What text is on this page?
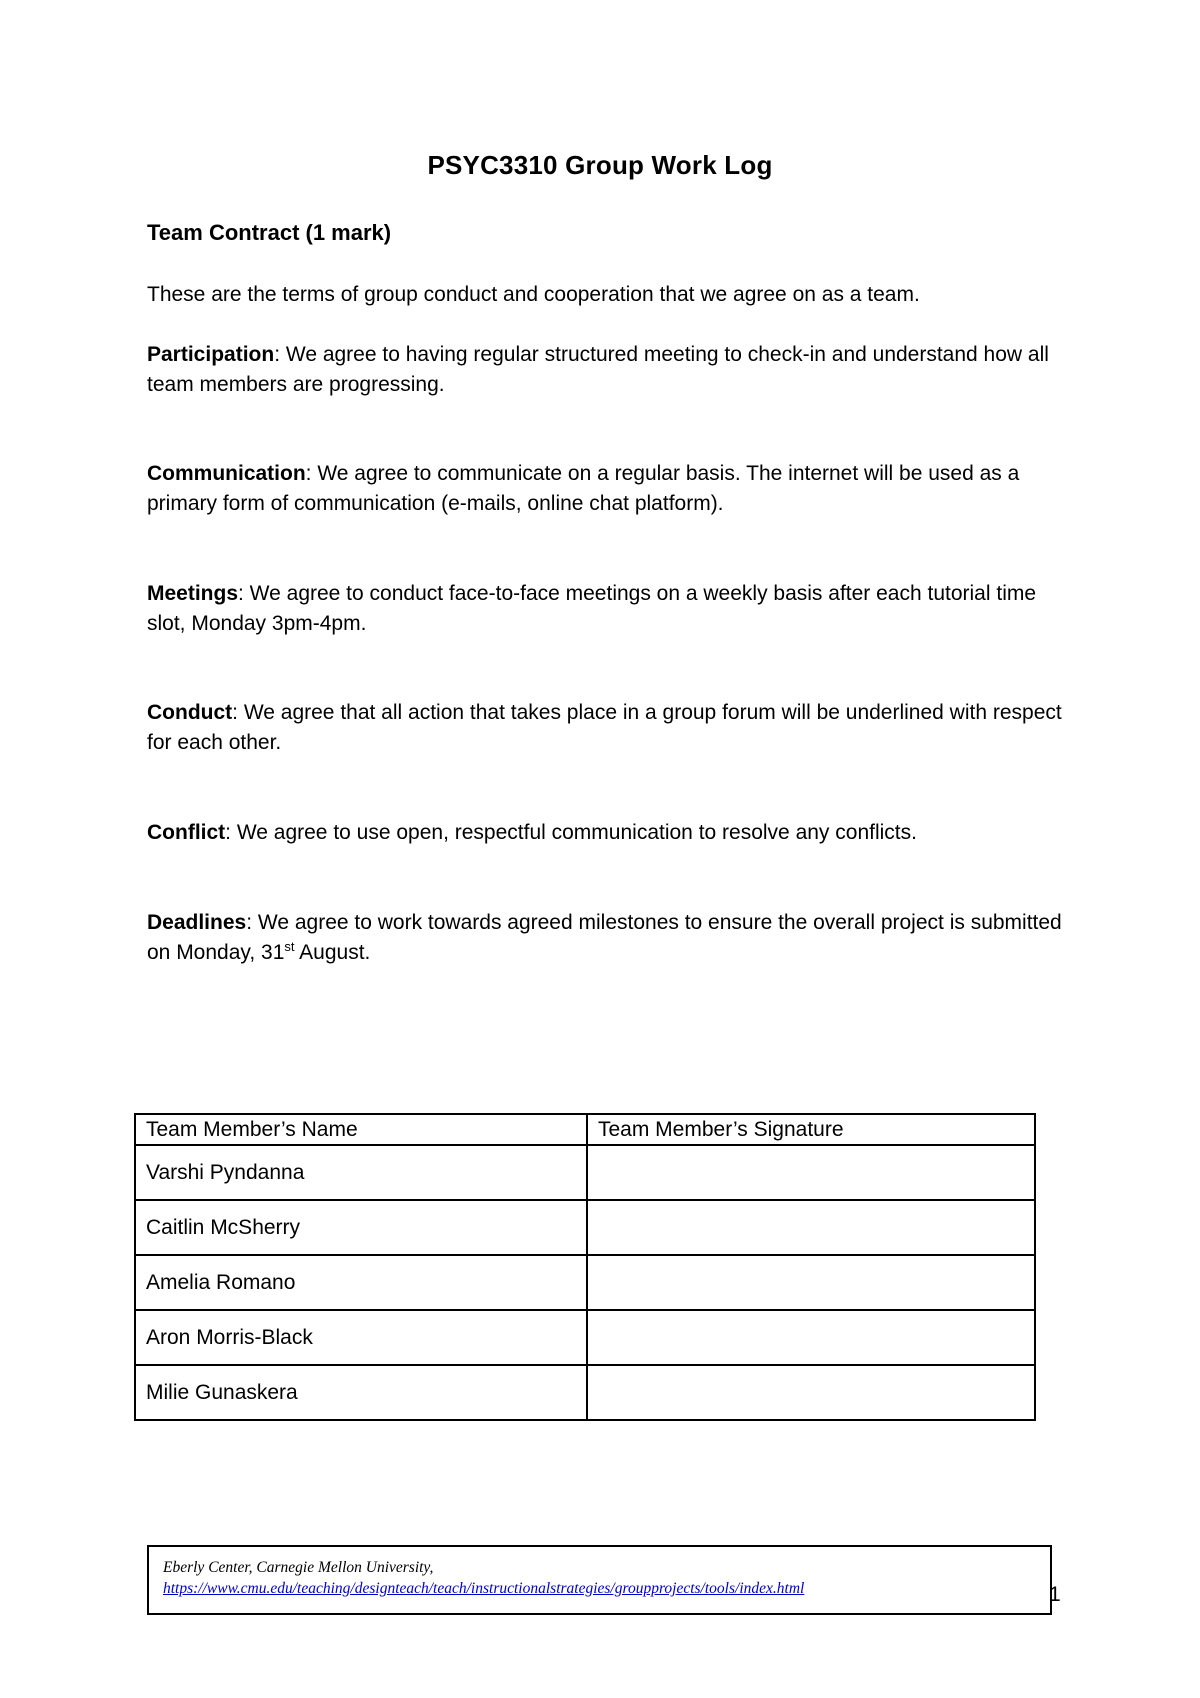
PSYC3310 Group Work Log
Team Contract (1 mark)
These are the terms of group conduct and cooperation that we agree on as a team.

Participation: We agree to having regular structured meeting to check-in and understand how all team members are progressing.

Communication: We agree to communicate on a regular basis. The internet will be used as a primary form of communication (e-mails, online chat platform).

Meetings: We agree to conduct face-to-face meetings on a weekly basis after each tutorial time slot, Monday 3pm-4pm.

Conduct: We agree that all action that takes place in a group forum will be underlined with respect for each other.

Conflict: We agree to use open, respectful communication to resolve any conflicts.

Deadlines: We agree to work towards agreed milestones to ensure the overall project is submitted on Monday, 31st August.

Team Member’s Name	Team Member’s Signature
Varshi Pyndanna	
Caitlin McSherry	
Amelia Romano	
Aron Morris-Black	
Milie Gunaskera	
Eberly Center, Carnegie Mellon University,
https://www.cmu.edu/teaching/designteach/teach/instructionalstrategies/groupprojects/tools/index.html	1
